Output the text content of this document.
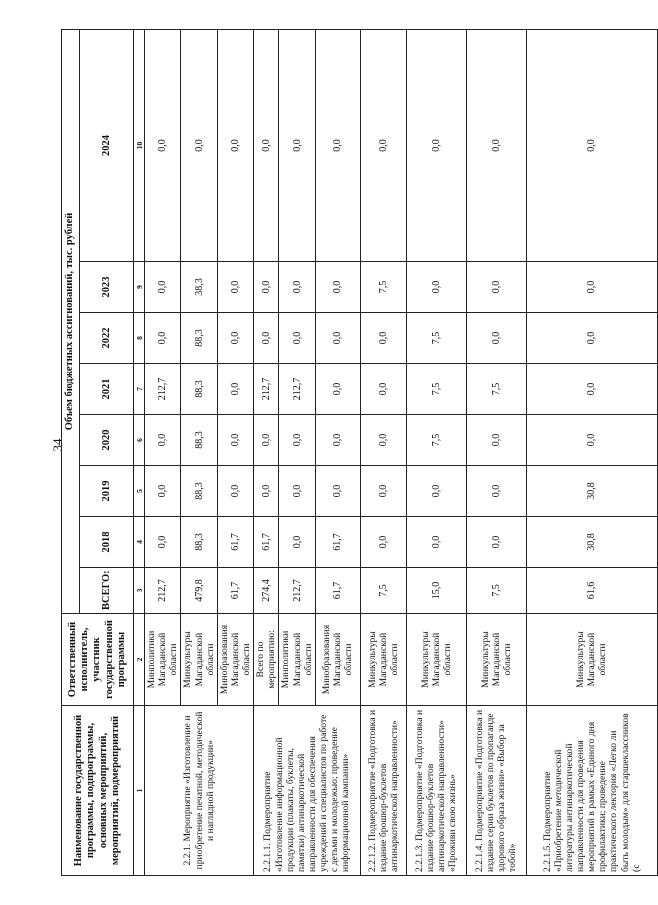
34
Наименование государственной программы, подпрограммы, основных мероприятий, мероприятий, подмероприятий	Ответственный исполнитель, участник государственной программы	Объем бюджетных ассигнований, тыс. рублей							
		ВСЕГО:	2018	2019	2020	2021	2022	2023	2024
1	2	3	4	5	6	7	8	9	10
2.2.1. Мероприятие «Изготовление и приобретение печатной, методической и наглядной продукции»	Минполитики Магаданской области	212,7	0,0	0,0	0,0	212,7	0,0	0,0	0,0
	Минкультуры Магаданской области	479,8	88,3	88,3	88,3	88,3	88,3	38,3	0,0
	Минобразования Магаданской области	61,7	61,7	0,0	0,0	0,0	0,0	0,0	0,0
2.2.1.1. Подмероприятие «Изготовление информационной продукции (плакаты, буклеты, памятки) антинаркотической направленности для обеспечения учреждений и специалистов по работе с детьми и молодежью; проведение информационной кампании»	Всего по мероприятию:	274,4	61,7	0,0	0,0	212,7	0,0	0,0	0,0
	Минполитики Магаданской области	212,7	0,0	0,0	0,0	212,7	0,0	0,0	0,0
	Минобразования Магаданской области	61,7	61,7	0,0	0,0	0,0	0,0	0,0	0,0
2.2.1.2. Подмероприятие «Подготовка и издание брошюр-буклетов антинаркотической направленности»	Минкультуры Магаданской области	7,5	0,0	0,0	0,0	0,0	0,0	7,5	0,0
2.2.1.3. Подмероприятие «Подготовка и издание брошюр-буклетов антинаркотической направленности» «Проживи свою жизнь»	Минкультуры Магаданской области	15,0	0,0	0,0	7,5	7,5	7,5	0,0	0,0
2.2.1.4. Подмероприятие «Подготовка и издание серии буклетов по пропаганде здорового образа жизни» «Выбор за тобой»	Минкультуры Магаданской области	7,5	0,0	0,0	0,0	7,5	0,0	0,0	0,0
2.2.1.5. Подмероприятие «Приобретение методической литературы антинаркотической направленности для проведения мероприятий в рамках «Единого дня профилактики; проведение практического лектория «Легко ли быть молодым» для старшеклассников (с	Минкультуры Магаданской области	61,6	30,8	30,8	0,0	0,0	0,0	0,0	0,0
